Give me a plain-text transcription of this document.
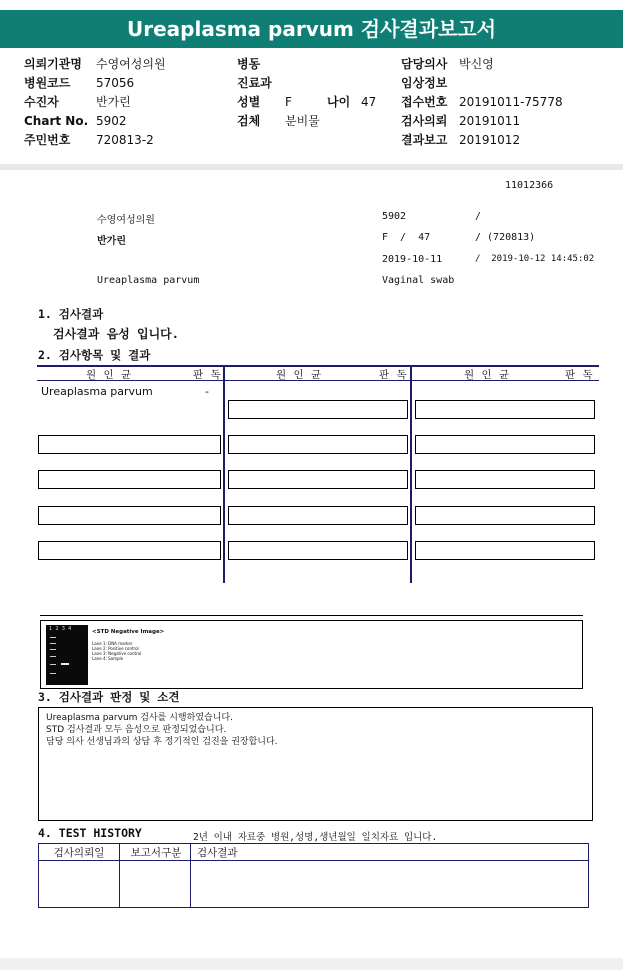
Ureaplasma parvum 검사결과보고서
의뢰기관명 수영여성의원
병원코드 57056
수진자	반가린
Chart No. 5902
주민번호 720813-2
병동
진료과
성별 F	나이 47
검체 분비물
담당의사 박신영
임상정보
접수번호 20191011-75778
검사의뢰 20191011
결과보고 20191012
11012366
수영여성의원	5902	/
반가린	F  /  47	/ (720813)
2019-10-11	/  2019-10-12 14:45:02
Ureaplasma parvum	Vaginal swab
1. 검사결과
검사결과 음성 입니다.
2. 검사항목 및 결과
원 인 균	판 독	원 인 균	판 독	원 인 균	판 독
Ureaplasma parvum	-
1  2  3  4	<STD Negative Image>
Lane 1: DNA marker
Lane 2: Positive control
Lane 3: Negative control
Lane 4: Sample
3. 검사결과 판정 및 소견
Ureaplasma parvum 검사를 시행하였습니다.
STD 검사결과 모두 음성으로 판정되었습니다.
담당 의사 선생님과의 상담 후 정기적인 검진을 권장합니다.
4. TEST HISTORY	2년 이내 자료중 병원,성명,생년월일 일치자료 입니다.
검사의뢰일	보고서구분	검사결과
